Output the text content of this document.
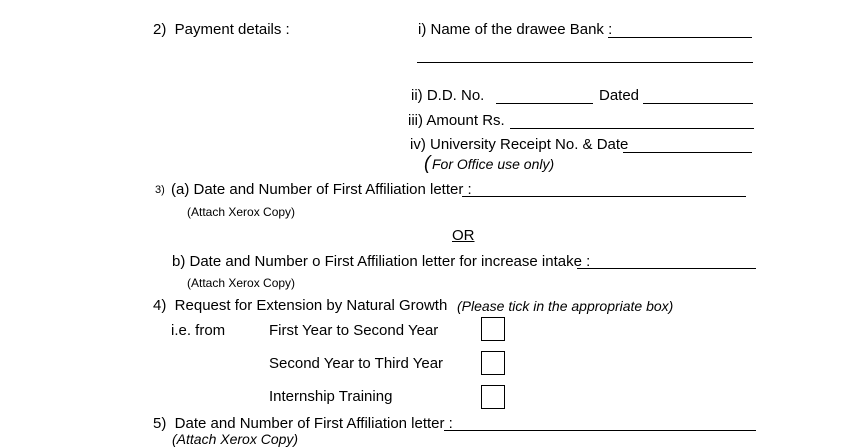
2)  Payment details :	i) Name of the drawee Bank :
ii) D.D. No.	Dated
iii) Amount Rs.
iv) University Receipt No. & Date
( For Office use only)
3) (a) Date and Number of First Affiliation letter :
(Attach Xerox Copy)
OR
b) Date and Number o First Affiliation letter for increase intake :
(Attach Xerox Copy)
4)  Request for Extension by Natural Growth (Please tick in the appropriate box)
i.e. from	First Year to Second Year
Second Year to Third Year
Internship Training
5)  Date and Number of First Affiliation letter :
(Attach Xerox Copy)
